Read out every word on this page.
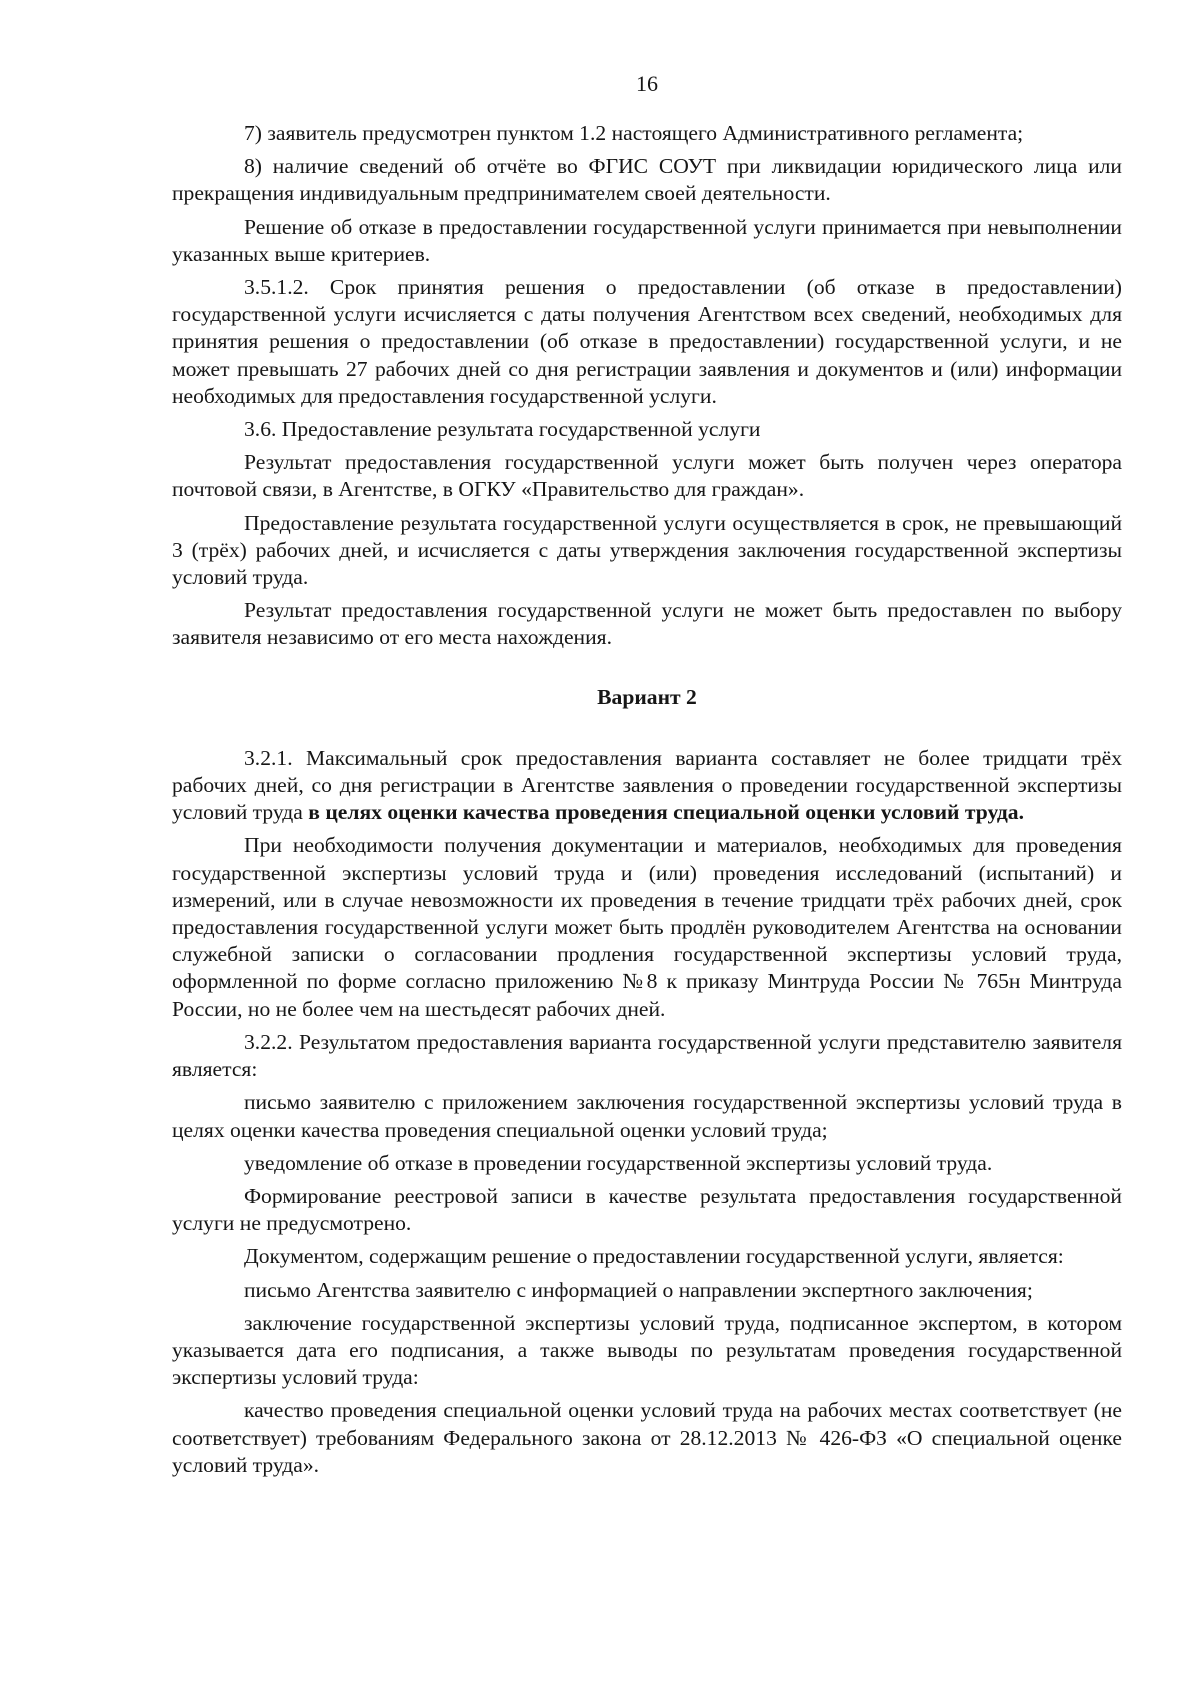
16

7) заявитель предусмотрен пунктом 1.2 настоящего Административного регламента;

8) наличие сведений об отчёте во ФГИС СОУТ при ликвидации юридического лица или прекращения индивидуальным предпринимателем своей деятельности.

Решение об отказе в предоставлении государственной услуги принимается при невыполнении указанных выше критериев.

3.5.1.2. Срок принятия решения о предоставлении (об отказе в предоставлении) государственной услуги исчисляется с даты получения Агентством всех сведений, необходимых для принятия решения о предоставлении (об отказе в предоставлении) государственной услуги, и не может превышать 27 рабочих дней со дня регистрации заявления и документов и (или) информации необходимых для предоставления государственной услуги.

3.6. Предоставление результата государственной услуги

Результат предоставления государственной услуги может быть получен через оператора почтовой связи, в Агентстве, в ОГКУ «Правительство для граждан».

Предоставление результата государственной услуги осуществляется в срок, не превышающий 3 (трёх) рабочих дней, и исчисляется с даты утверждения заключения государственной экспертизы условий труда.

Результат предоставления государственной услуги не может быть предоставлен по выбору заявителя независимо от его места нахождения.

Вариант 2

3.2.1. Максимальный срок предоставления варианта составляет не более тридцати трёх рабочих дней, со дня регистрации в Агентстве заявления о проведении государственной экспертизы условий труда в целях оценки качества проведения специальной оценки условий труда.

При необходимости получения документации и материалов, необходимых для проведения государственной экспертизы условий труда и (или) проведения исследований (испытаний) и измерений, или в случае невозможности их проведения в течение тридцати трёх рабочих дней, срок предоставления государственной услуги может быть продлён руководителем Агентства на основании служебной записки о согласовании продления государственной экспертизы условий труда, оформленной по форме согласно приложению №8 к приказу Минтруда России № 765н Минтруда России, но не более чем на шестьдесят рабочих дней.

3.2.2. Результатом предоставления варианта государственной услуги представителю заявителя является:

письмо заявителю с приложением заключения государственной экспертизы условий труда в целях оценки качества проведения специальной оценки условий труда;

уведомление об отказе в проведении государственной экспертизы условий труда.

Формирование реестровой записи в качестве результата предоставления государственной услуги не предусмотрено.

Документом, содержащим решение о предоставлении государственной услуги, является:

письмо Агентства заявителю с информацией о направлении экспертного заключения;

заключение государственной экспертизы условий труда, подписанное экспертом, в котором указывается дата его подписания, а также выводы по результатам проведения государственной экспертизы условий труда:

качество проведения специальной оценки условий труда на рабочих местах соответствует (не соответствует) требованиям Федерального закона от 28.12.2013 № 426-ФЗ «О специальной оценке условий труда».
